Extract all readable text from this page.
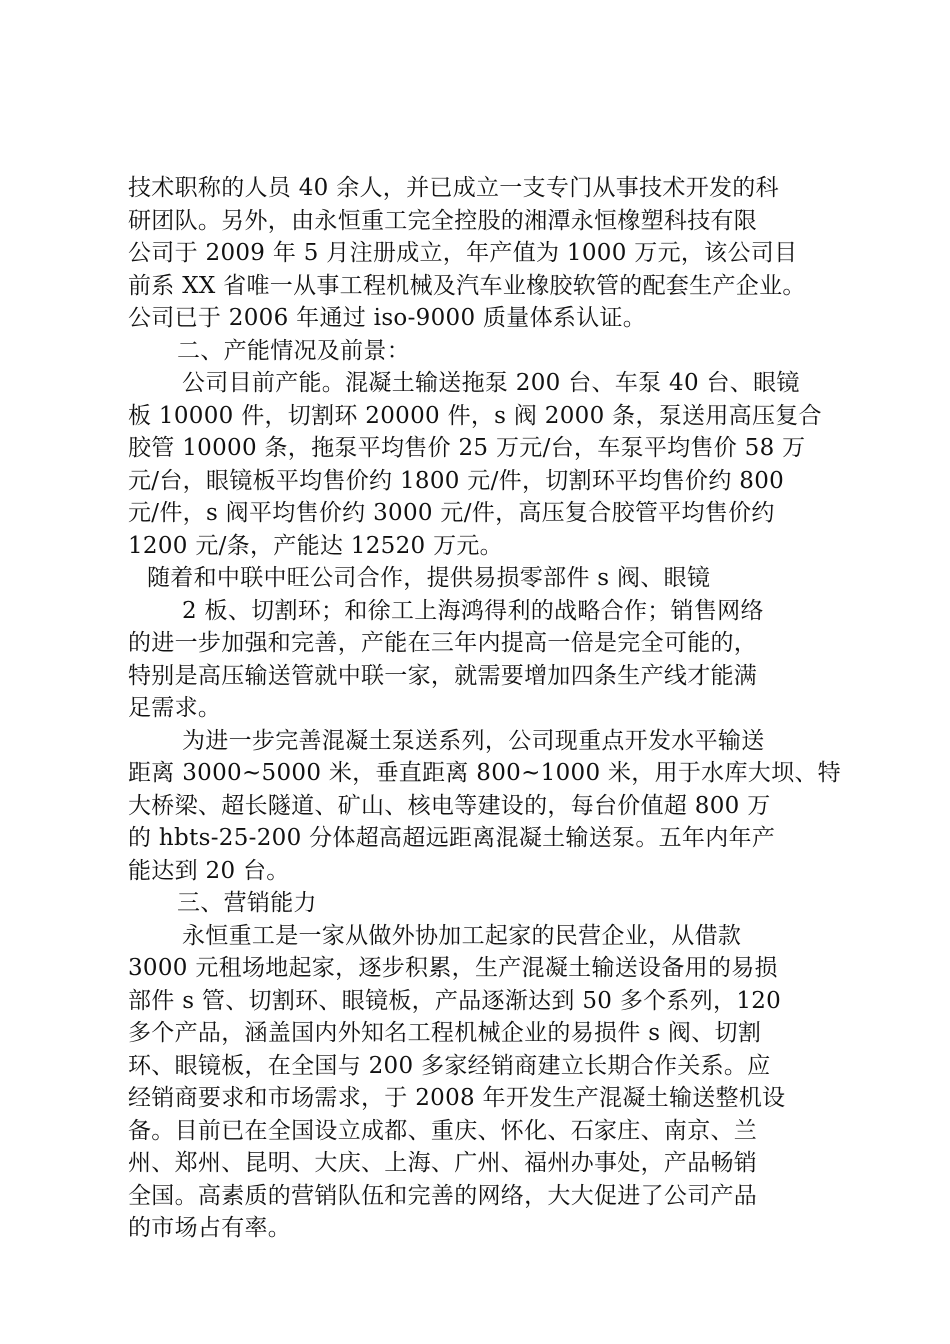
技术职称的人员 40 余人，并已成立一支专门从事技术开发的科
研团队。另外，由永恒重工完全控股的湘潭永恒橡塑科技有限
公司于 2009 年 5 月注册成立，年产值为 1000 万元，该公司目
前系 XX 省唯一从事工程机械及汽车业橡胶软管的配套生产企业。
公司已于 2006 年通过 iso-9000 质量体系认证。
二、产能情况及前景：
公司目前产能。混凝土输送拖泵 200 台、车泵 40 台、眼镜
板 10000 件，切割环 20000 件，s 阀 2000 条，泵送用高压复合
胶管 10000 条，拖泵平均售价 25 万元/台，车泵平均售价 58 万
元/台，眼镜板平均售价约 1800 元/件，切割环平均售价约 800
元/件，s 阀平均售价约 3000 元/件，高压复合胶管平均售价约
1200 元/条，产能达 12520 万元。
随着和中联中旺公司合作，提供易损零部件 s 阀、眼镜
2 板、切割环；和徐工上海鸿得利的战略合作；销售网络
的进一步加强和完善，产能在三年内提高一倍是完全可能的，
特别是高压输送管就中联一家，就需要增加四条生产线才能满
足需求。
为进一步完善混凝土泵送系列，公司现重点开发水平输送
距离 3000~5000 米，垂直距离 800~1000 米，用于水库大坝、特
大桥梁、超长隧道、矿山、核电等建设的，每台价值超 800 万
的 hbts-25-200 分体超高超远距离混凝土输送泵。五年内年产
能达到 20 台。
三、营销能力
永恒重工是一家从做外协加工起家的民营企业，从借款
3000 元租场地起家，逐步积累，生产混凝土输送设备用的易损
部件 s 管、切割环、眼镜板，产品逐渐达到 50 多个系列，120
多个产品，涵盖国内外知名工程机械企业的易损件 s 阀、切割
环、眼镜板，在全国与 200 多家经销商建立长期合作关系。应
经销商要求和市场需求，于 2008 年开发生产混凝土输送整机设
备。目前已在全国设立成都、重庆、怀化、石家庄、南京、兰
州、郑州、昆明、大庆、上海、广州、福州办事处，产品畅销
全国。高素质的营销队伍和完善的网络，大大促进了公司产品
的市场占有率。
